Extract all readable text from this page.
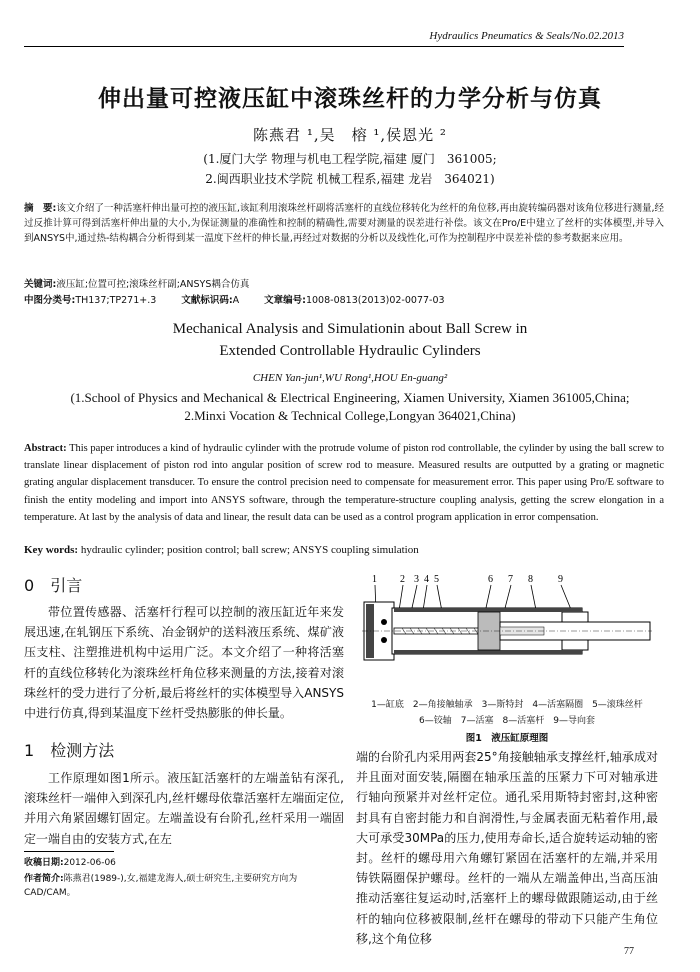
Hydraulics Pneumatics & Seals/No.02.2013
伸出量可控液压缸中滚珠丝杆的力学分析与仿真
陈燕君 ¹,吴　榕 ¹,侯恩光 ²
(1.厦门大学 物理与机电工程学院,福建 厦门　361005;
2.闽西职业技术学院 机械工程系,福建 龙岩　364021)
摘　要:该文介绍了一种活塞杆伸出量可控的液压缸,该缸利用滚珠丝杆副将活塞杆的直线位移转化为丝杆的角位移,再由旋转编码器对该角位移进行测量,经过反推计算可得到活塞杆伸出量的大小,为保证测量的准确性和控制的精确性,需要对测量的误差进行补偿。该文在Pro/E中建立了丝杆的实体模型,并导入到ANSYS中,通过热-结构耦合分析得到某一温度下丝杆的伸长量,再经过对数据的分析以及线性化,可作为控制程序中误差补偿的参考数据来应用。
关键词:液压缸;位置可控;滚珠丝杆副;ANSYS耦合仿真
中图分类号:TH137;TP271+.3	文献标识码:A	文章编号:1008-0813(2013)02-0077-03
Mechanical Analysis and Simulationin about Ball Screw in
Extended Controllable Hydraulic Cylinders
CHEN Yan-jun¹,WU Rong¹,HOU En-guang²
(1.School of Physics and Mechanical & Electrical Engineering, Xiamen University, Xiamen 361005,China;
2.Minxi Vocation & Technical College,Longyan 364021,China)
Abstract: This paper introduces a kind of hydraulic cylinder with the protrude volume of piston rod controllable, the cylinder by using the ball screw to translate linear displacement of piston rod into angular position of screw rod to measure. Measured results are outputted by a grating or magnetic grating angular displacement transducer. To ensure the control precision need to compensate for measurement error. This paper using Pro/E software to finish the entity modeling and import into ANSYS software, through the temperature-structure coupling analysis, getting the screw elongation in a temperature. At last by the analysis of data and linear, the result data can be used as a control program application in error compensation.
Key words: hydraulic cylinder; position control; ball screw; ANSYS coupling simulation
0　 引言
带位置传感器、活塞杆行程可以控制的液压缸近年来发展迅速,在轧钢压下系统、冶金钢炉的送料液压系统、煤矿液压支柱、注塑推进机构中运用广泛。本文介绍了一种将活塞杆的直线位移转化为滚珠丝杆角位移来测量的方法,接着对滚珠丝杆的受力进行了分析,最后将丝杆的实体模型导入ANSYS中进行仿真,得到某温度下丝杆受热膨胀的伸长量。
1　 检测方法
工作原理如图1所示。液压缸活塞杆的左端盖钻有深孔,滚珠丝杆一端伸入到深孔内,丝杆螺母依靠活塞杆左端面定位,并用六角紧固螺钉固定。左端盖设有台阶孔,丝杆采用一端固定一端自由的安装方式,在左
收稿日期:2012-06-06
作者简介:陈燕君(1989-),女,福建龙海人,硕士研究生,主要研究方向为CAD/CAM。
1 2 3 4 5	6 7 8	9
1—缸底　2—角接触轴承　3—斯特封　4—活塞隔圈　5—滚珠丝杆
6—铰轴　7—活塞　8—活塞杆　9—导向套
图1　液压缸原理图
端的台阶孔内采用两套25°角接触轴承支撑丝杆,轴承成对并且面对面安装,隔圈在轴承压盖的压紧力下可对轴承进行轴向预紧并对丝杆定位。通孔采用斯特封密封,这种密封具有自密封能力和自润滑性,与金属表面无粘着作用,最大可承受30MPa的压力,使用寿命长,适合旋转运动轴的密封。丝杆的螺母用六角螺钉紧固在活塞杆的左端,并采用铸铁隔圈保护螺母。丝杆的一端从左端盖伸出,当高压油推动活塞往复运动时,活塞杆上的螺母做跟随运动,由于丝杆的轴向位移被限制,丝杆在螺母的带动下只能产生角位移,这个角位移
77
